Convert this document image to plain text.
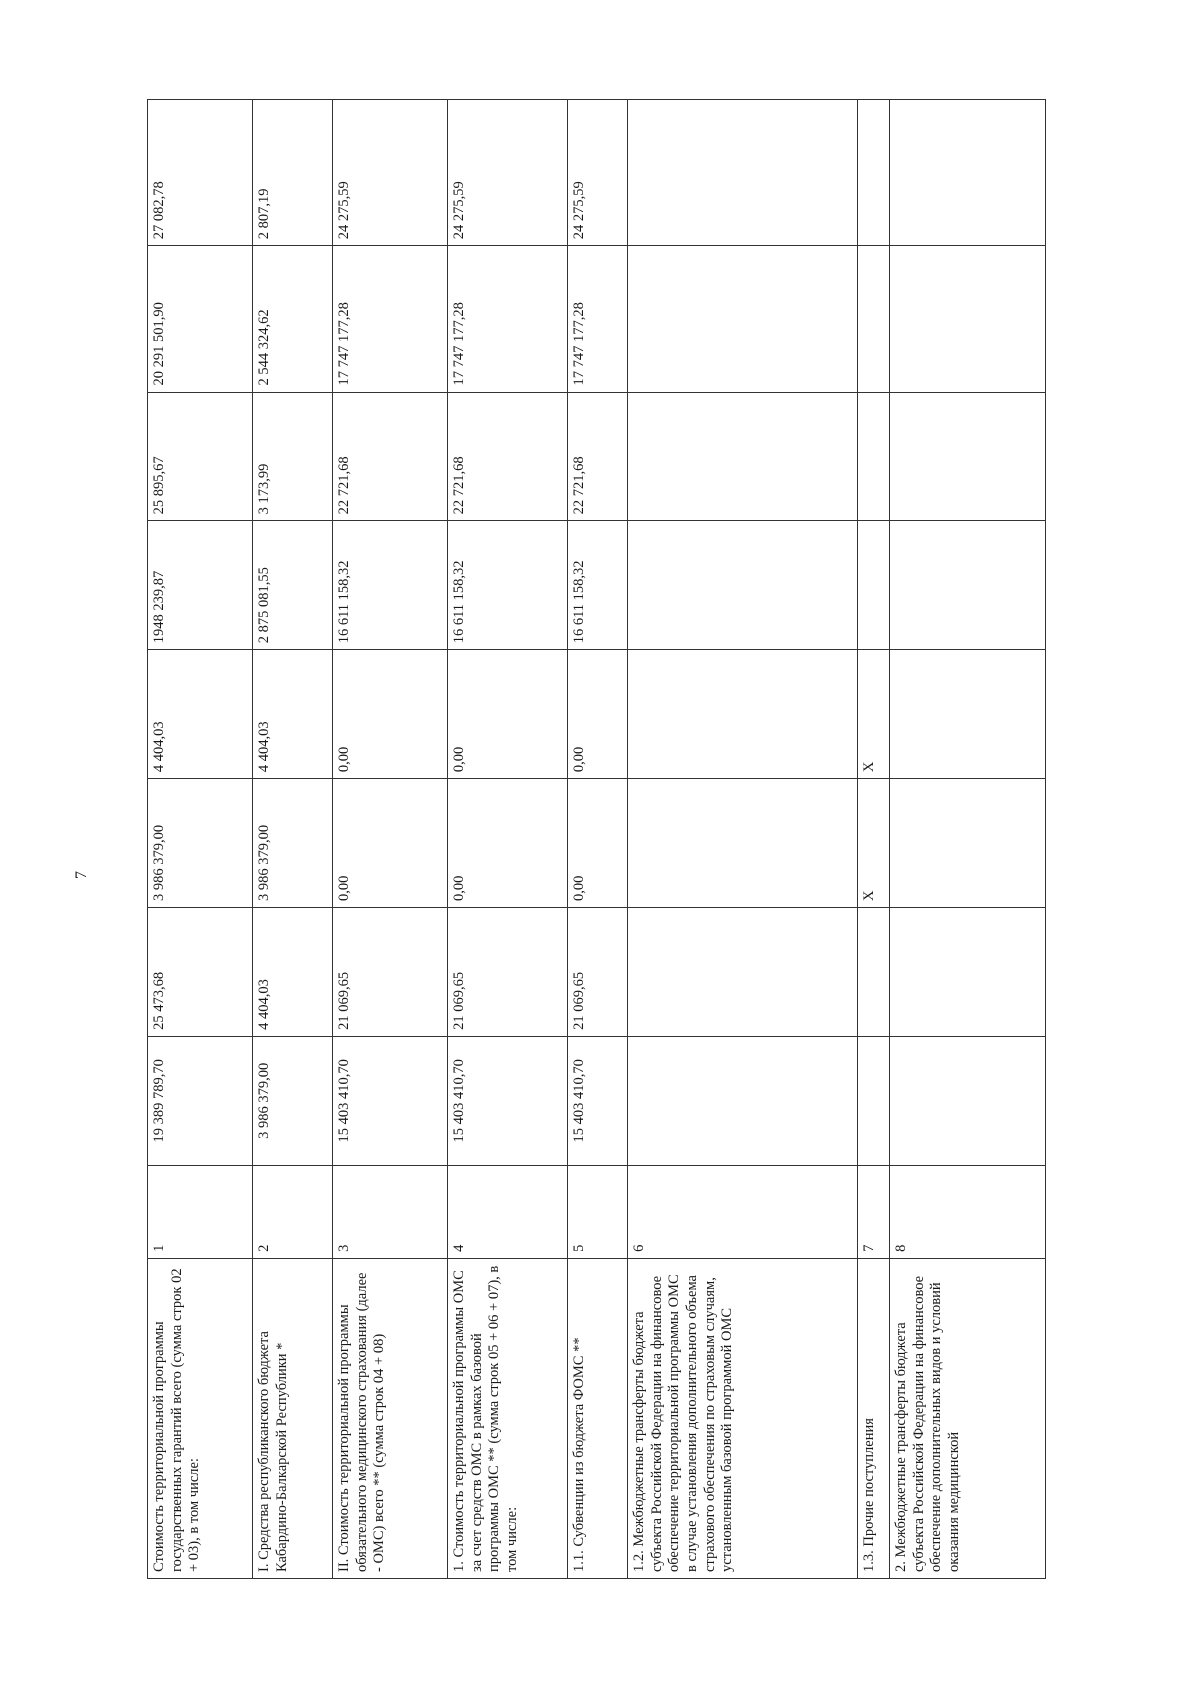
7
Стоимость территориальной программы государственных гарантий всего (сумма строк 02 + 03), в том числе:	1	19 389 789,70	25 473,68	3 986 379,00	4 404,03	1948 239,87	25 895,67	20 291 501,90	27 082,78
I. Средства республиканского бюджета Кабардино-Балкарской Республики *	2	3 986 379,00	4 404,03	3 986 379,00	4 404,03	2 875 081,55	3 173,99	2 544 324,62	2 807,19
II. Стоимость территориальной программы обязательного медицинского страхования (далее - ОМС) всего ** (сумма строк 04 + 08)	3	15 403 410,70	21 069,65	0,00	0,00	16 611 158,32	22 721,68	17 747 177,28	24 275,59
1. Стоимость территориальной программы ОМС за счет средств ОМС в рамках базовой программы ОМС ** (сумма строк 05 + 06 + 07), в том числе:	4	15 403 410,70	21 069,65	0,00	0,00	16 611 158,32	22 721,68	17 747 177,28	24 275,59
1.1. Субвенции из бюджета ФОМС **	5	15 403 410,70	21 069,65	0,00	0,00	16 611 158,32	22 721,68	17 747 177,28	24 275,59
1.2. Межбюджетные трансферты бюджета субъекта Российской Федерации на финансовое обеспечение территориальной программы ОМС в случае установления дополнительного объема страхового обеспечения по страховым случаям, установленным базовой программой ОМС	6								
1.3. Прочие поступления	7			X	X				
2. Межбюджетные трансферты бюджета субъекта Российской Федерации на финансовое обеспечение дополнительных видов и условий оказания медицинской	8								
